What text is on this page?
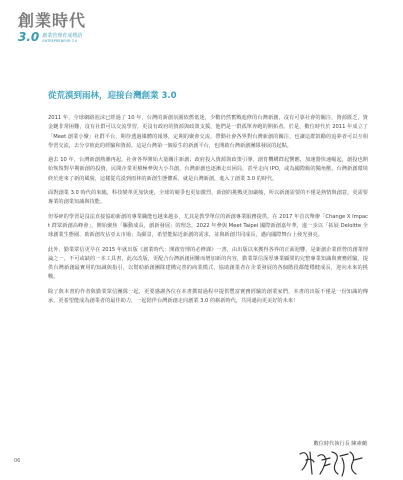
創業時代
3.0 創業管理育成標語
ENTREPRENEUR 3.0
從荒漠到雨林，迎接台灣創業 3.0

2011 年，全球網路泡沫已經過了 10 年，台灣的新創氛圍依舊低迷，少數仍然奮戰進修的台灣新創，沒有可靠社會的關注，資源匱乏，資金鏈非常困難，沒有社群可以交流學習，更沒有政府的資源與政策支援，他們是一群孤單奔跑的開拓者。於是，數位時代於 2011 年成立了「Meet 創業小聚」社群平台，期待透過媒體的報導，定期的聚會交流，帶動社會各界對台灣新創的關注，也讓這群鼓勵的追夢者可以互相學習交流，去分享彼此的經驗和資源。這是台灣第一個原生的新創平台，也開啟台灣新創團隊發展的起點。

過去 10 年，台灣新創熱潮再起，社會各界開始大量關注新創；政府投入資源與政策引導，創育機構群起響應，加速器快速崛起，創投也開始恢復對早期新創的投資，民間企業更積極參與大小共創，台灣新創也逐漸走出困局，甚至走向 IPO，或為國際級的獨角獸。台灣新創環境終於迎來了新的風貌，這樣從荒漠到雨林的新創生態體系，就是台灣新創，進入了創業 3.0 的時代。

面對創業 3.0 時代的來臨，科技變革更加快速，全球的競爭也更加激烈，新創的挑戰更加嚴峻，所以新創需要的不僅是熱情與創意，更需要專業的創業知識與技能。

但零碎的學習是沒法直接協助新創的專業職能也越來越多，尤其是教學單位的新創專業服務提供。在 2017 年首次舉辦「Change X Impact 群眾新創高峰會」，開始聚焦「驅動成長，創新發展」的理念，2022 年參與 Meet Taipei 國際新創嘉年華，進一步以「拓展 Deloitte 全球創業生態圈、助新創攻佔亞太市場」為願景，希望能貼近新創的需求，並與新創共同成長，邁向國際舞台上發光發亮。

此外，勤業眾信更早在 2015 年就出版《創業時代：開啟管理的必修課》一書，由出版以來獲得各界的正面迴響，是新創企業經營的創業理論之一。不可或缺的一本工具書，此次改版，更配合台灣新創困難而增加新的內容，勤業眾信深厚專業顧問的完整專業知識與實務經驗，提供台灣新創最實用的知識與指引，以幫助新創團隊建構完善的商業模式，協助創業者在企業發展的各個階段都能穩健成長，迎向未來的挑戰。

除了與本書的作者與勤業眾信團隊一起，更要感謝各位在本書撰寫過程中提供豐富實務經驗的創業家們，本書的出版不僅是一份知識的傳承，更希望能成為創業者的最佳助力，一起陪伴台灣新創走向創業 3.0 的嶄新時代，共同邁向更美好的未來！

數位時代執行長 陳素蘭

06
